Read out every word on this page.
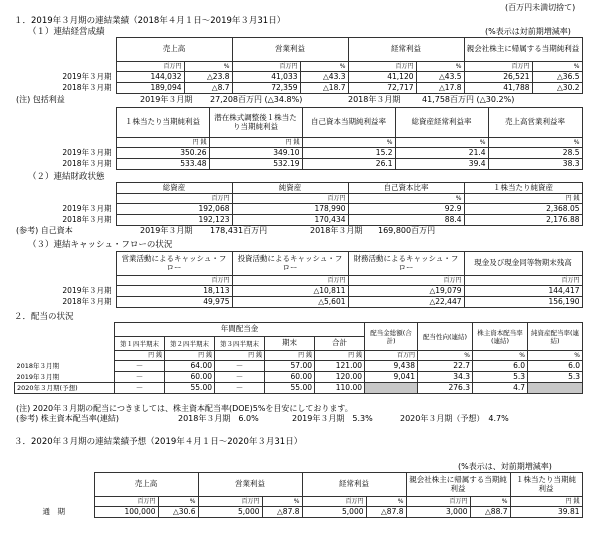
(百万円未満切捨て)
１．2019年３月期の連結業績（2018年４月１日～2019年３月31日）
（１）連結経営成績	(%表示は対前期増減率)
	売上高		営業利益		経常利益		親会社株主に帰属する当期純利益	
	百万円	%	百万円	%	百万円	%	百万円	%
2019年３月期	144,032	△23.8	41,033	△43.3	41,120	△43.5	26,521	△36.5
2018年３月期	189,094	△8.7	72,359	△18.7	72,717	△17.8	41,788	△30.2
(注) 包括利益	2019年３月期 27,208百万円 (△34.8%)	2018年３月期	41,758百万円 (△30.2%)
	１株当たり当期純利益	潜在株式調整後１株当たり当期純利益	自己資本当期純利益率	総資産経常利益率	売上高営業利益率
	円 銭	円 銭	%	%	%
2019年３月期	350.26	349.10	15.2	21.4	28.5
2018年３月期	533.48	532.19	26.1	39.4	38.3
（２）連結財政状態
	総資産	純資産	自己資本比率	１株当たり純資産
	百万円	百万円	%	円 銭
2019年３月期	192,068	178,990	92.9	2,368.05
2018年３月期	192,123	170,434	88.4	2,176.88
(参考) 自己資本	2019年３月期 178,431百万円	2018年３月期 169,800百万円
（３）連結キャッシュ・フローの状況
	営業活動によるキャッシュ・フロー	投資活動によるキャッシュ・フロー	財務活動によるキャッシュ・フロー	現金及び現金同等物期末残高
	百万円	百万円	百万円	百万円
2019年３月期	18,113	△10,811	△19,079	144,417
2018年３月期	49,975	△5,601	△22,447	156,190
２．配当の状況
	年間配当金					配当金総額(合計)	配当性向(連結)	株主資本配当率(連結)	純資産配当率(連結)
	第１四半期末	第２四半期末	第３四半期末	期末	合計				
	円 銭	円 銭	円 銭	円 銭	円 銭	百万円	%	%	%
2018年３月期	－	64.00	－	57.00	121.00	9,438	22.7	6.0	6.0
2019年３月期	－	60.00	－	60.00	120.00	9,041	34.3	5.3	5.3
2020年３月期(予想)	－	55.00	－	55.00	110.00		276.3	4.7	
(注) 2020年３月期の配当につきましては、株主資本配当率(DOE)5%を目安にしております。
(参考) 株主資本配当率(連結)	2018年３月期　6.0%	2019年３月期　5.3%	2020年３月期（予想）　4.7%
３．2020年３月期の連結業績予想（2019年４月１日～2020年３月31日）
(%表示は、対前期増減率)
	売上高		営業利益		経常利益		親会社株主に帰属する当期純利益		１株当たり当期純利益
	百万円	%	百万円	%	百万円	%	百万円	%	円 銭
通　期	100,000	△30.6	5,000	△87.8	5,000	△87.8	3,000	△88.7	39.81
